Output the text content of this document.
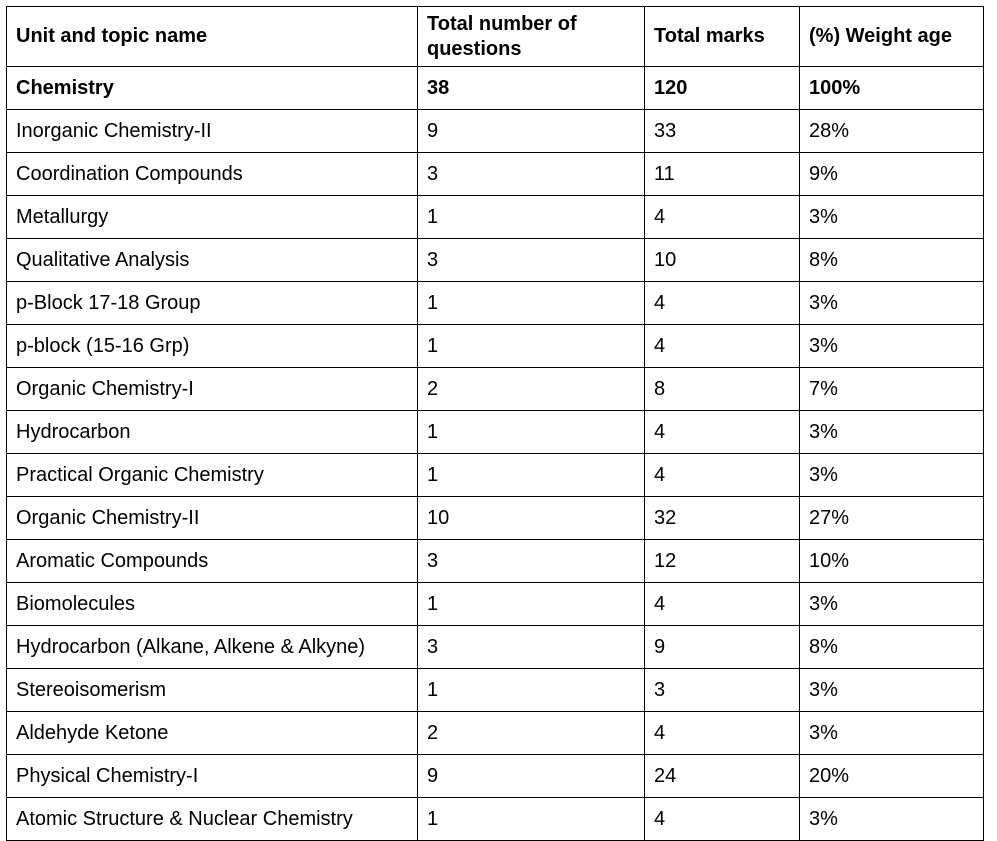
Unit and topic name	Total number of questions	Total marks	(%) Weight age
Chemistry	38	120	100%
Inorganic Chemistry-II	9	33	28%
Coordination Compounds	3	11	9%
Metallurgy	1	4	3%
Qualitative Analysis	3	10	8%
p-Block 17-18 Group	1	4	3%
p-block (15-16 Grp)	1	4	3%
Organic Chemistry-I	2	8	7%
Hydrocarbon	1	4	3%
Practical Organic Chemistry	1	4	3%
Organic Chemistry-II	10	32	27%
Aromatic Compounds	3	12	10%
Biomolecules	1	4	3%
Hydrocarbon (Alkane, Alkene & Alkyne)	3	9	8%
Stereoisomerism	1	3	3%
Aldehyde Ketone	2	4	3%
Physical Chemistry-I	9	24	20%
Atomic Structure & Nuclear Chemistry	1	4	3%
